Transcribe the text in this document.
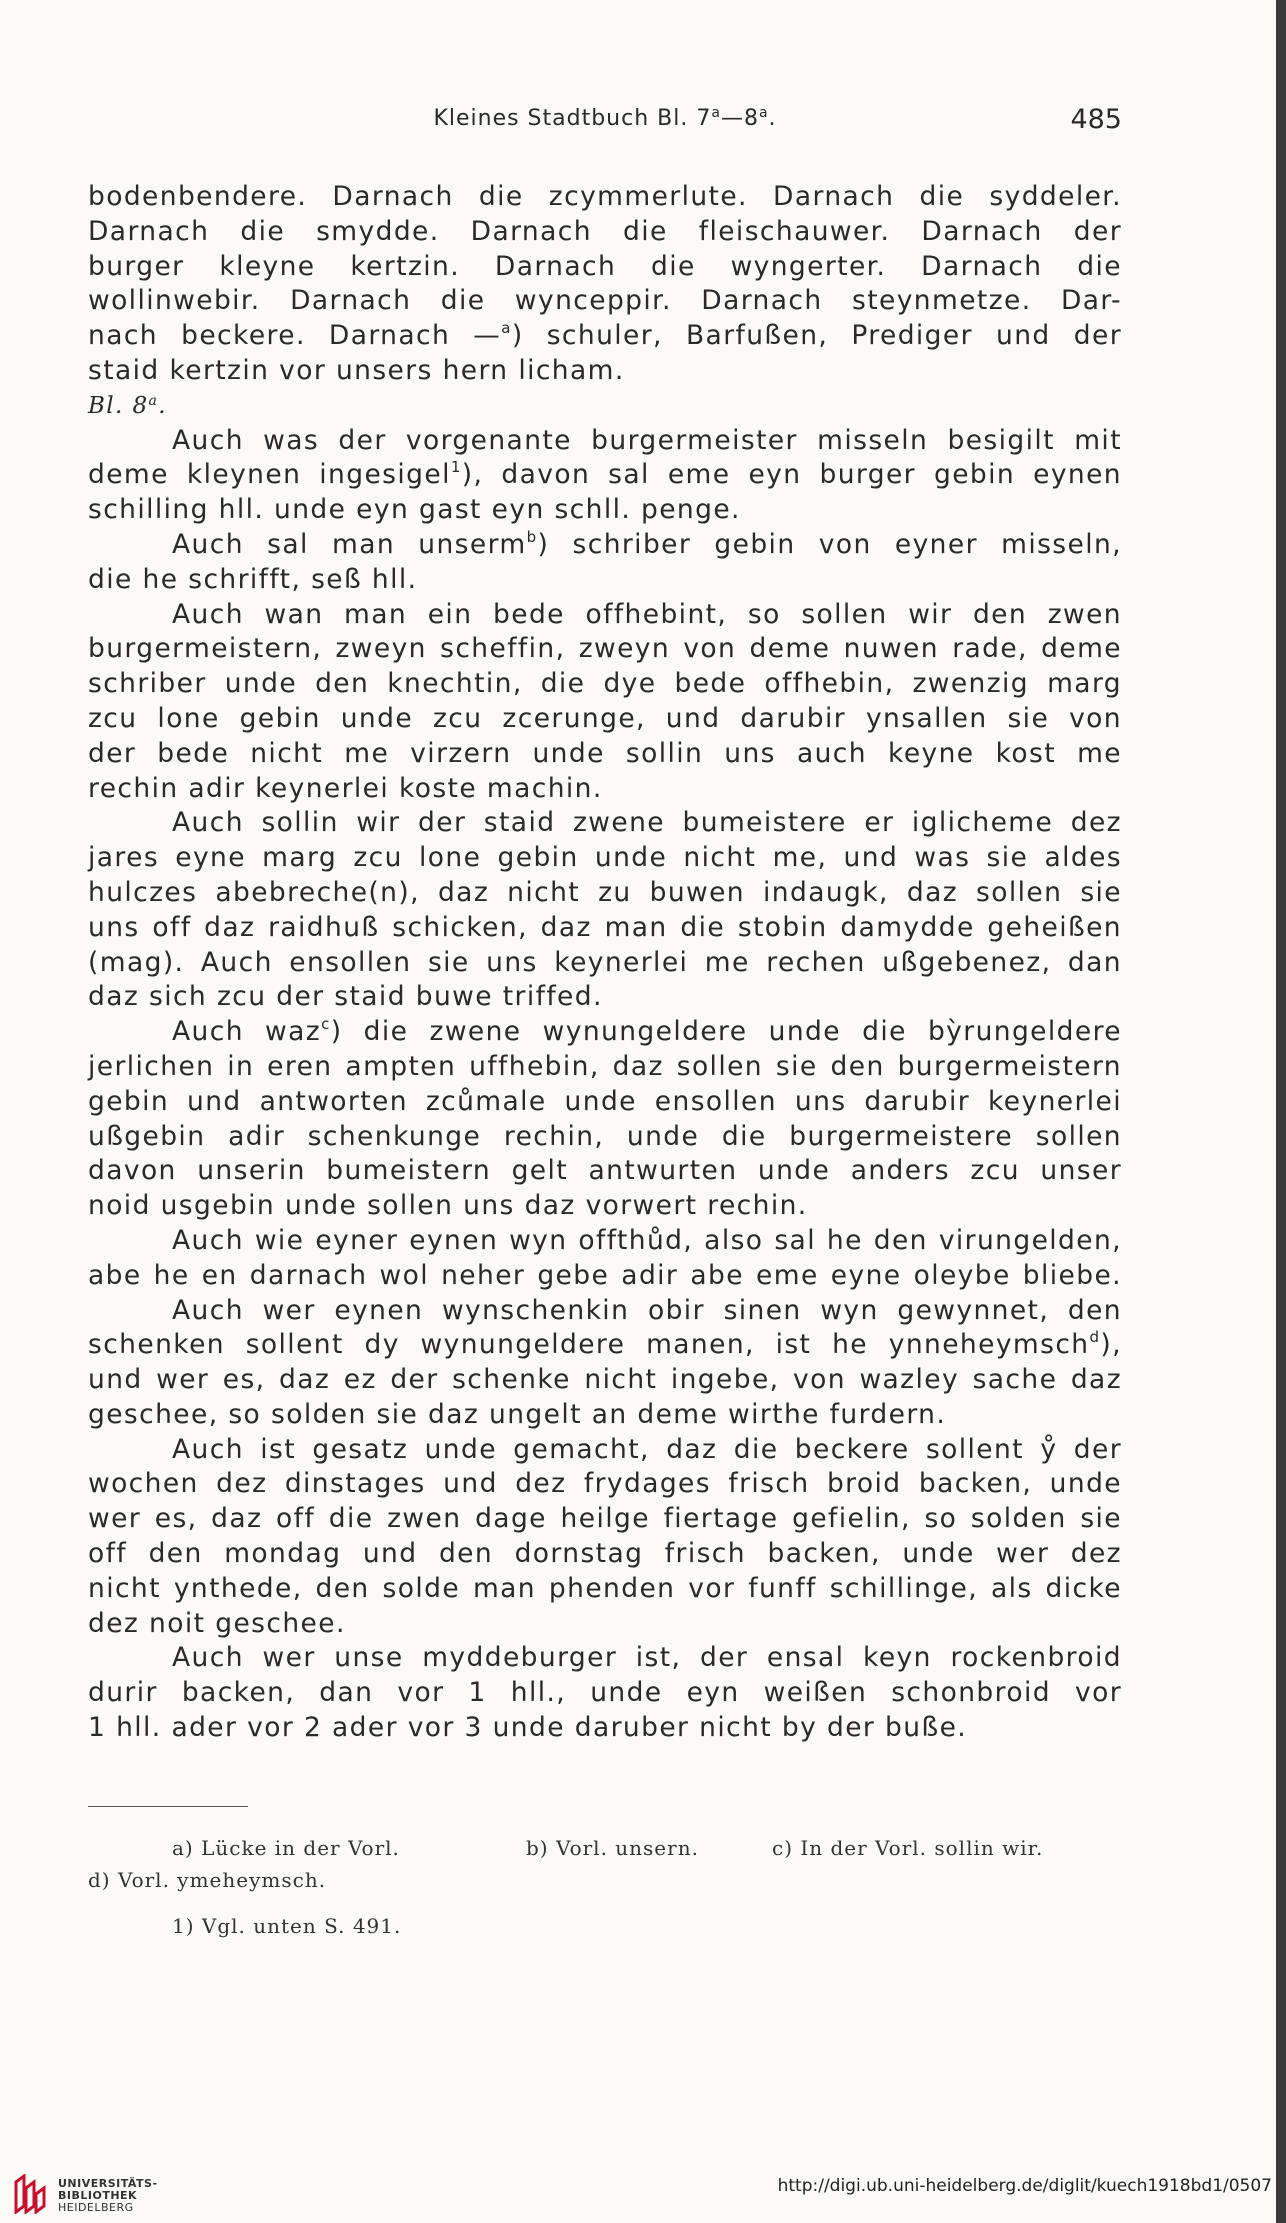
Kleines Stadtbuch Bl. 7$^a$—8$^a$.	485
bodenbendere. Darnach die zcymmerlute. Darnach die syddeler.
Darnach die smydde. Darnach die fleischauwer. Darnach der
burger kleyne kertzin. Darnach die wyngerter. Darnach die
wollinwebir. Darnach die wynceppir. Darnach steynmetze. Dar-
nach beckere. Darnach —$^a$) schuler, Barfußen, Prediger und der
staid kertzin vor unsers hern licham.
Bl. 8$^a$.
Auch was der vorgenante burgermeister misseln besigilt mit
deme kleynen ingesigel$^1$), davon sal eme eyn burger gebin eynen
schilling hll. unde eyn gast eyn schll. penge.
Auch sal man unserm$^b$) schriber gebin von eyner misseln,
die he schrifft, seß hll.
Auch wan man ein bede offhebint, so sollen wir den zwen
burgermeistern, zweyn scheffin, zweyn von deme nuwen rade, deme
schriber unde den knechtin, die dye bede offhebin, zwenzig marg
zcu lone gebin unde zcu zcerunge, und darubir ynsallen sie von
der bede nicht me virzern unde sollin uns auch keyne kost me
rechin adir keynerlei koste machin.
Auch sollin wir der staid zwene bumeistere er iglicheme dez
jares eyne marg zcu lone gebin unde nicht me, und was sie aldes
hulczes abebreche(n), daz nicht zu buwen indaugk, daz sollen sie
uns off daz raidhuß schicken, daz man die stobin damydde geheißen
(mag). Auch ensollen sie uns keynerlei me rechen ußgebenez, dan
daz sich zcu der staid buwe triffed.
Auch waz$^c$) die zwene wynungeldere unde die bỳrungeldere
jerlichen in eren ampten uffhebin, daz sollen sie den burgermeistern
gebin und antworten zcůmale unde ensollen uns darubir keynerlei
ußgebin adir schenkunge rechin, unde die burgermeistere sollen
davon unserin bumeistern gelt antwurten unde anders zcu unser
noid usgebin unde sollen uns daz vorwert rechin.
Auch wie eyner eynen wyn offthůd, also sal he den virungelden,
abe he en darnach wol neher gebe adir abe eme eyne oleybe bliebe.
Auch wer eynen wynschenkin obir sinen wyn gewynnet, den
schenken sollent dy wynungeldere manen, ist he ynneheymsch$^d$),
und wer es, daz ez der schenke nicht ingebe, von wazley sache daz
geschee, so solden sie daz ungelt an deme wirthe furdern.
Auch ist gesatz unde gemacht, daz die beckere sollent ẙ der
wochen dez dinstages und dez frydages frisch broid backen, unde
wer es, daz off die zwen dage heilge fiertage gefielin, so solden sie
off den mondag und den dornstag frisch backen, unde wer dez
nicht ynthede, den solde man phenden vor funff schillinge, als dicke
dez noit geschee.
Auch wer unse myddeburger ist, der ensal keyn rockenbroid
durir backen, dan vor 1 hll., unde eyn weißen schonbroid vor
1 hll. ader vor 2 ader vor 3 unde daruber nicht by der buße.
a) Lücke in der Vorl.	b) Vorl. unsern.	c) In der Vorl. sollin wir.
d) Vorl. ymeheymsch.
1) Vgl. unten S. 491.
UNIVERSITÄTS-
BIBLIOTHEK
HEIDELBERG
http://digi.ub.uni-heidelberg.de/diglit/kuech1918bd1/0507
